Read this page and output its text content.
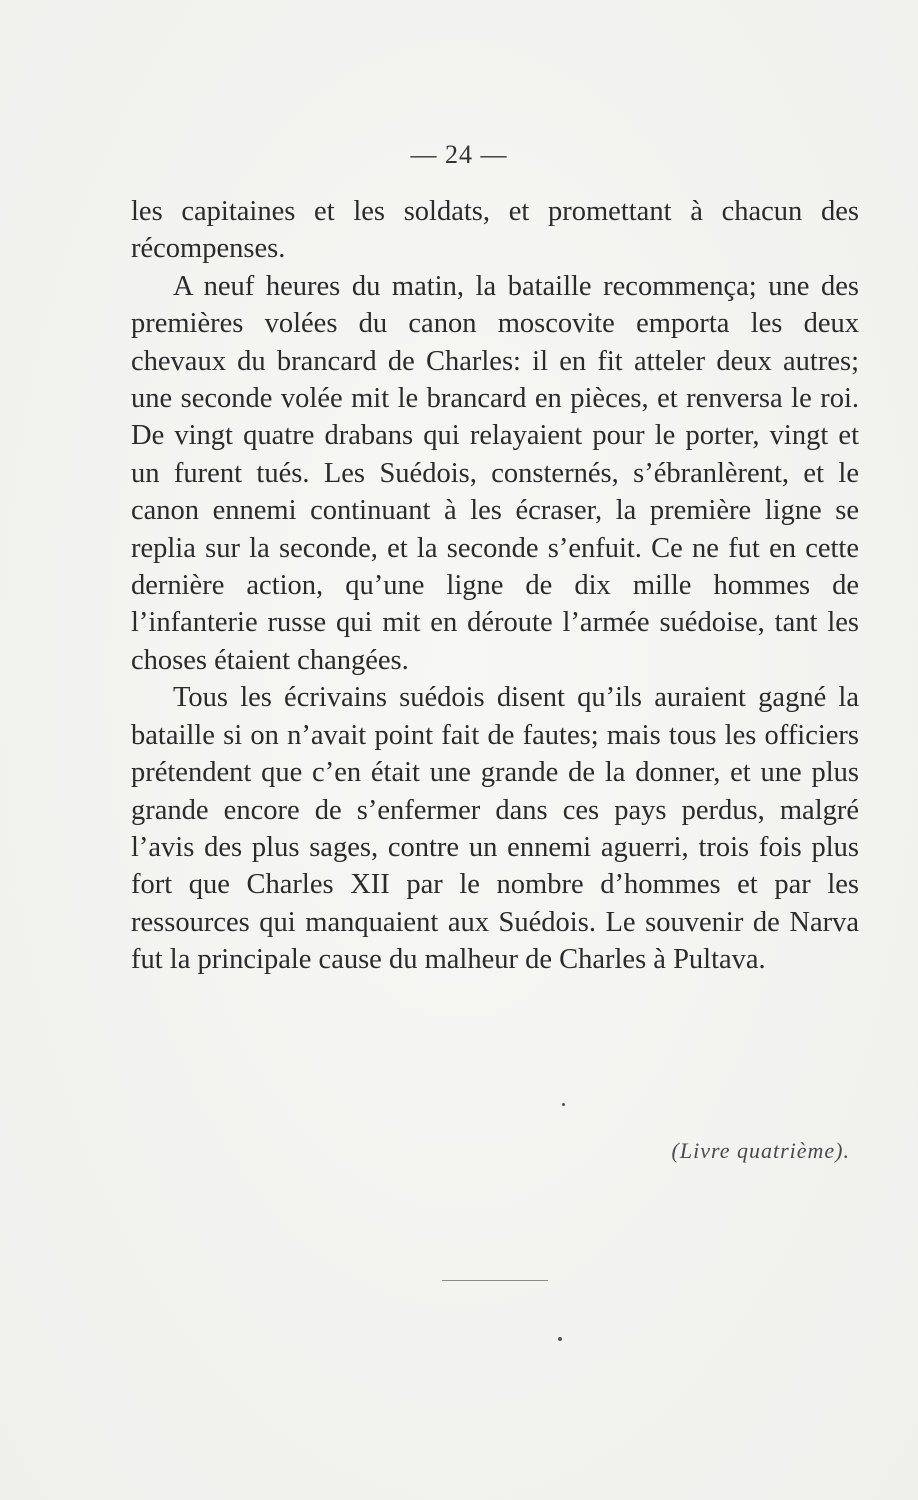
— 24 —

les capitaines et les soldats, et promettant à chacun des récompenses.

A neuf heures du matin, la bataille recommença; une des premières volées du canon moscovite emporta les deux chevaux du brancard de Charles: il en fit atteler deux autres; une seconde volée mit le brancard en pièces, et renversa le roi. De vingt quatre drabans qui relayaient pour le porter, vingt et un furent tués. Les Suédois, consternés, s’ébranlèrent, et le canon ennemi continuant à les écraser, la première ligne se replia sur la seconde, et la seconde s’enfuit. Ce ne fut en cette dernière action, qu’une ligne de dix mille hommes de l’infanterie russe qui mit en déroute l’armée suédoise, tant les choses étaient changées.

Tous les écrivains suédois disent qu’ils auraient gagné la bataille si on n’avait point fait de fautes; mais tous les officiers prétendent que c’en était une grande de la donner, et une plus grande encore de s’enfermer dans ces pays perdus, malgré l’avis des plus sages, contre un ennemi aguerri, trois fois plus fort que Charles XII par le nombre d’hommes et par les ressources qui manquaient aux Suédois. Le souvenir de Narva fut la principale cause du malheur de Charles à Pultava.

(Livre quatrième).
